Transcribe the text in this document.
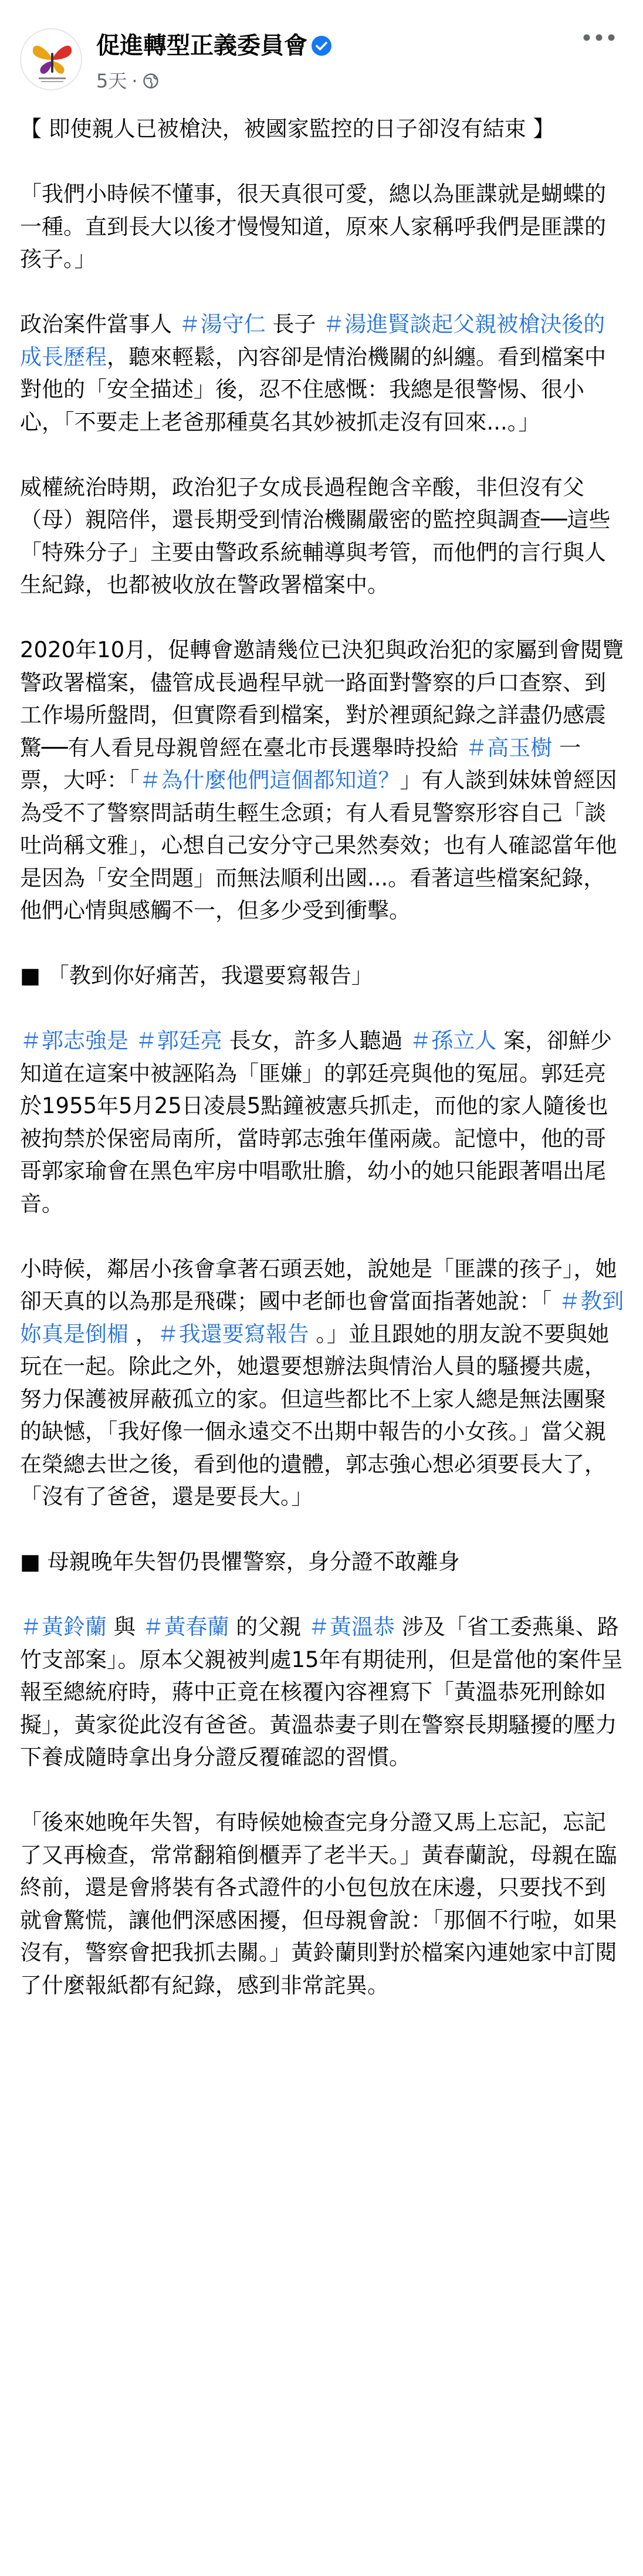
促進轉型正義委員會
5天 ·

【 即使親人已被槍決，被國家監控的日子卻沒有結束 】

「我們小時候不懂事，很天真很可愛，總以為匪諜就是蝴蝶的一種。直到長大以後才慢慢知道，原來人家稱呼我們是匪諜的孩子。」

政治案件當事人 ＃湯守仁 長子 ＃湯進賢談起父親被槍決後的成長歷程，聽來輕鬆，內容卻是情治機關的糾纏。看到檔案中對他的「安全描述」後，忍不住感慨：我總是很警惕、很小心，「不要走上老爸那種莫名其妙被抓走沒有回來...。」

威權統治時期，政治犯子女成長過程飽含辛酸，非但沒有父（母）親陪伴，還長期受到情治機關嚴密的監控與調查──這些「特殊分子」主要由警政系統輔導與考管，而他們的言行與人生紀錄，也都被收放在警政署檔案中。

2020年10月，促轉會邀請幾位已決犯與政治犯的家屬到會閱覽警政署檔案，儘管成長過程早就一路面對警察的戶口查察、到工作場所盤問，但實際看到檔案，對於裡頭紀錄之詳盡仍感震驚──有人看見母親曾經在臺北市長選舉時投給 ＃高玉樹 一票，大呼：「＃為什麼他們這個都知道？」有人談到妹妹曾經因為受不了警察問話萌生輕生念頭；有人看見警察形容自己「談吐尚稱文雅」，心想自己安分守己果然奏效；也有人確認當年他是因為「安全問題」而無法順利出國...。看著這些檔案紀錄，他們心情與感觸不一，但多少受到衝擊。

■ 「教到你好痛苦，我還要寫報告」

＃郭志強是 ＃郭廷亮 長女，許多人聽過 ＃孫立人 案，卻鮮少知道在這案中被誣陷為「匪嫌」的郭廷亮與他的冤屈。郭廷亮於1955年5月25日凌晨5點鐘被憲兵抓走，而他的家人隨後也被拘禁於保密局南所，當時郭志強年僅兩歲。記憶中，他的哥哥郭家瑜會在黑色牢房中唱歌壯膽，幼小的她只能跟著唱出尾音。

小時候，鄰居小孩會拿著石頭丟她，說她是「匪諜的孩子」，她卻天真的以為那是飛碟；國中老師也會當面指著她說：「 ＃教到妳真是倒楣 ，＃我還要寫報告 。」並且跟她的朋友說不要與她玩在一起。除此之外，她還要想辦法與情治人員的騷擾共處，努力保護被屏蔽孤立的家。但這些都比不上家人總是無法團聚的缺憾，「我好像一個永遠交不出期中報告的小女孩。」當父親在榮總去世之後，看到他的遺體，郭志強心想必須要長大了，「沒有了爸爸，還是要長大。」

■ 母親晚年失智仍畏懼警察，身分證不敢離身

＃黃鈴蘭 與 ＃黃春蘭 的父親 ＃黃溫恭 涉及「省工委燕巢、路竹支部案」。原本父親被判處15年有期徒刑，但是當他的案件呈報至總統府時，蔣中正竟在核覆內容裡寫下「黃溫恭死刑餘如擬」，黃家從此沒有爸爸。黃溫恭妻子則在警察長期騷擾的壓力下養成隨時拿出身分證反覆確認的習慣。

「後來她晚年失智，有時候她檢查完身分證又馬上忘記，忘記了又再檢查，常常翻箱倒櫃弄了老半天。」黃春蘭說，母親在臨終前，還是會將裝有各式證件的小包包放在床邊，只要找不到就會驚慌，讓他們深感困擾，但母親會說：「那個不行啦，如果沒有，警察會把我抓去關。」黃鈴蘭則對於檔案內連她家中訂閱了什麼報紙都有紀錄，感到非常詫異。
